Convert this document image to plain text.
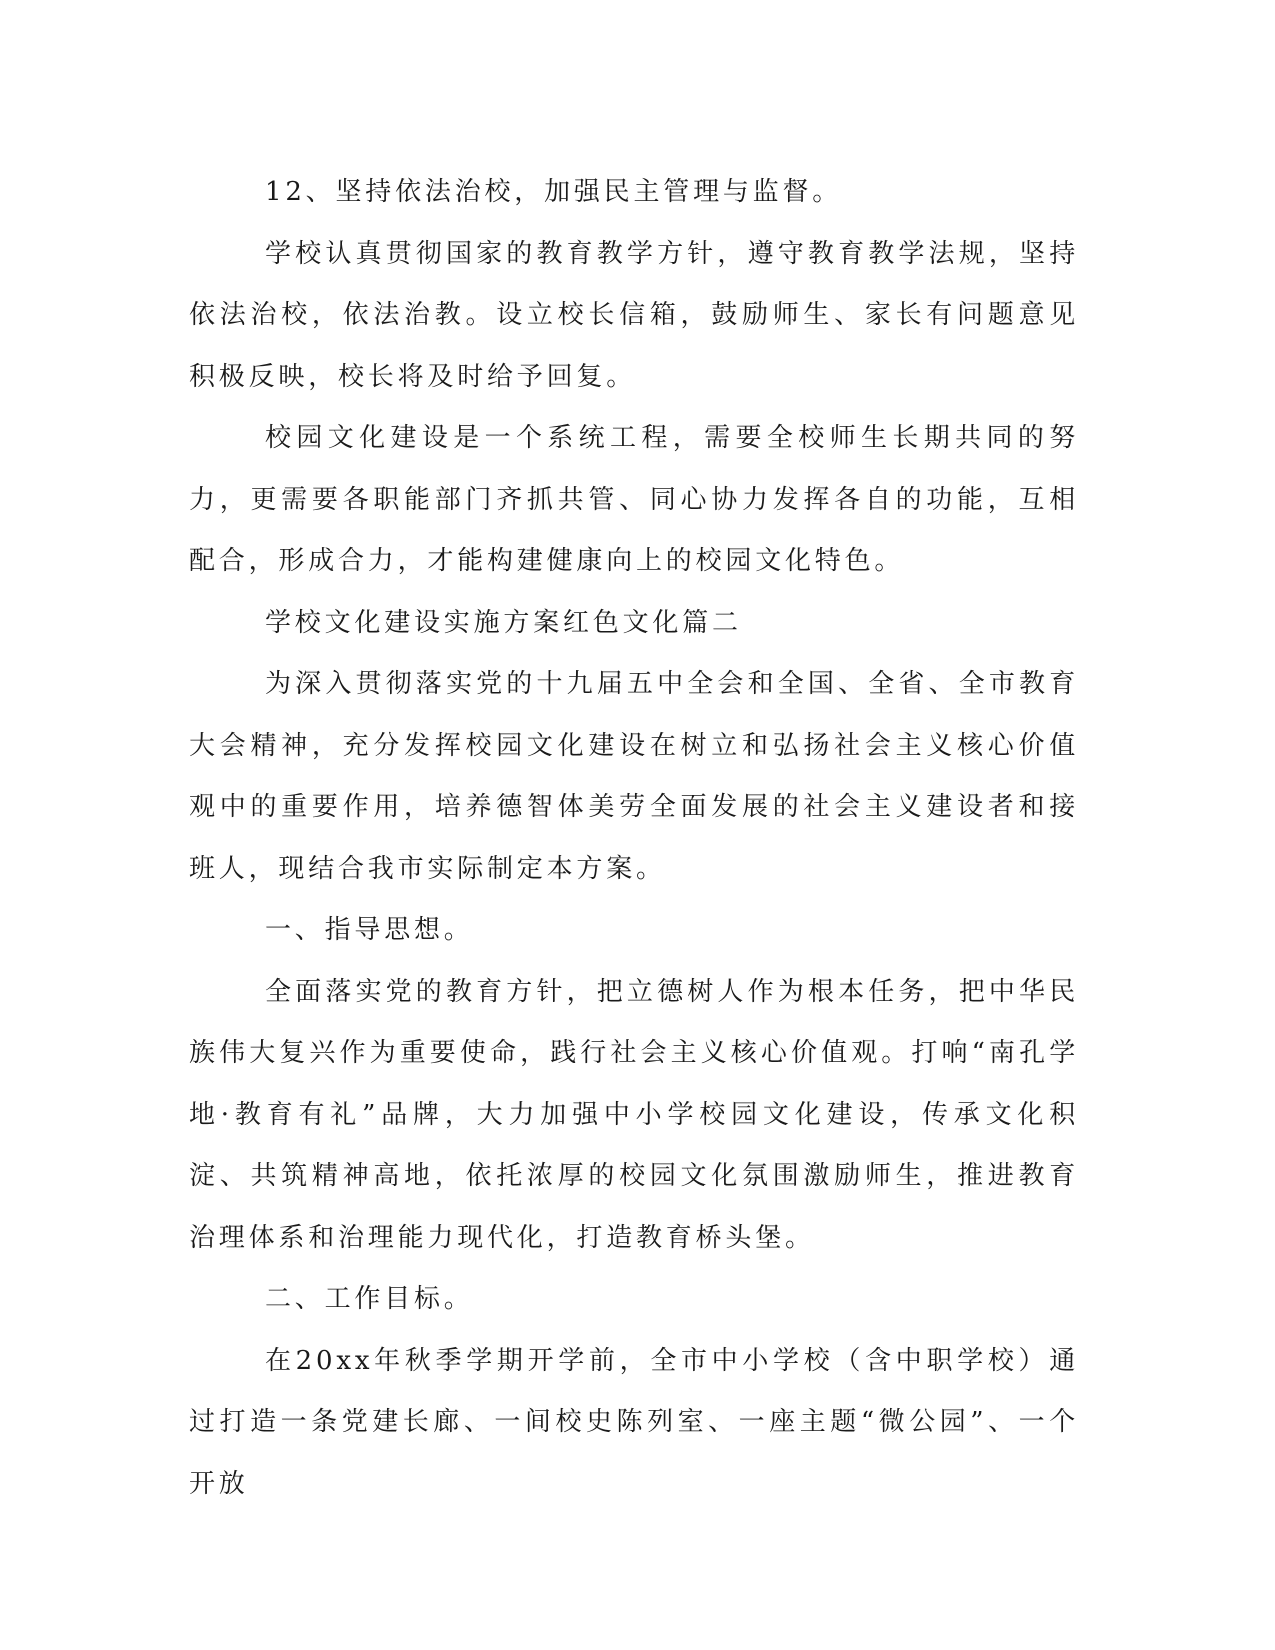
12、坚持依法治校，加强民主管理与监督。

学校认真贯彻国家的教育教学方针，遵守教育教学法规，坚持依法治校，依法治教。设立校长信箱，鼓励师生、家长有问题意见积极反映，校长将及时给予回复。

校园文化建设是一个系统工程，需要全校师生长期共同的努力，更需要各职能部门齐抓共管、同心协力发挥各自的功能，互相配合，形成合力，才能构建健康向上的校园文化特色。

学校文化建设实施方案红色文化篇二

为深入贯彻落实党的十九届五中全会和全国、全省、全市教育大会精神，充分发挥校园文化建设在树立和弘扬社会主义核心价值观中的重要作用，培养德智体美劳全面发展的社会主义建设者和接班人，现结合我市实际制定本方案。

一、指导思想。

全面落实党的教育方针，把立德树人作为根本任务，把中华民族伟大复兴作为重要使命，践行社会主义核心价值观。打响“南孔学地·教育有礼”品牌，大力加强中小学校园文化建设，传承文化积淀、共筑精神高地，依托浓厚的校园文化氛围激励师生，推进教育治理体系和治理能力现代化，打造教育桥头堡。

二、工作目标。

在20xx年秋季学期开学前，全市中小学校（含中职学校）通过打造一条党建长廊、一间校史陈列室、一座主题“微公园”、一个开放
